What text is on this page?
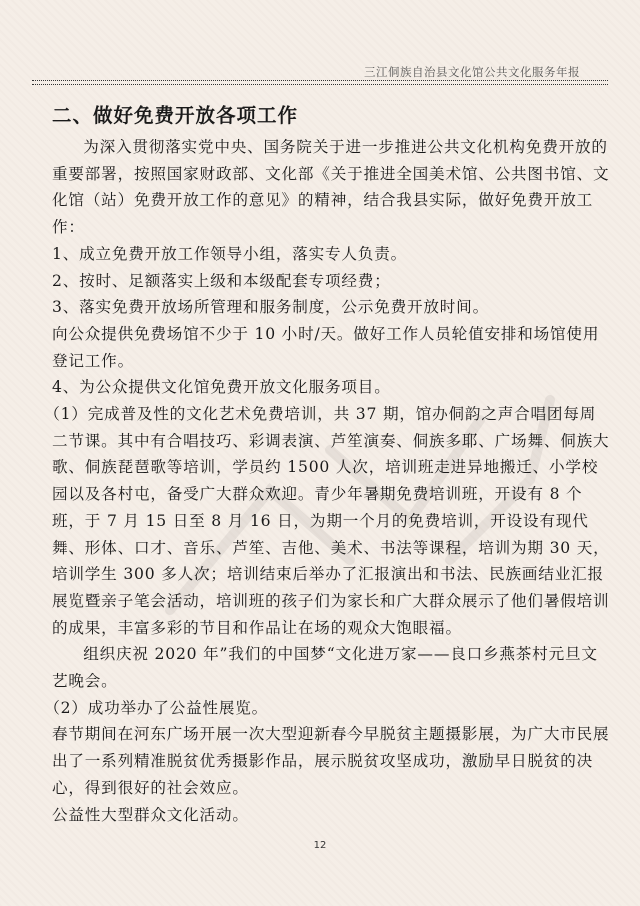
三江侗族自治县文化馆公共文化服务年报
二、做好免费开放各项工作

为深入贯彻落实党中央、国务院关于进一步推进公共文化机构免费开放的重要部署，按照国家财政部、文化部《关于推进全国美术馆、公共图书馆、文化馆（站）免费开放工作的意见》的精神，结合我县实际，做好免费开放工作：

1、成立免费开放工作领导小组，落实专人负责。

2、按时、足额落实上级和本级配套专项经费；

3、落实免费开放场所管理和服务制度，公示免费开放时间。

向公众提供免费场馆不少于 10 小时/天。做好工作人员轮值安排和场馆使用登记工作。

4、为公众提供文化馆免费开放文化服务项目。

（1）完成普及性的文化艺术免费培训，共 37 期，馆办侗韵之声合唱团每周二节课。其中有合唱技巧、彩调表演、芦笙演奏、侗族多耶、广场舞、侗族大歌、侗族琵琶歌等培训，学员约 1500 人次，培训班走进异地搬迁、小学校园以及各村屯，备受广大群众欢迎。青少年暑期免费培训班，开设有 8 个班，于 7 月 15 日至 8 月 16 日，为期一个月的免费培训，开设设有现代舞、形体、口才、音乐、芦笙、吉他、美术、书法等课程，培训为期 30 天，培训学生 300 多人次；培训结束后举办了汇报演出和书法、民族画结业汇报展览暨亲子笔会活动，培训班的孩子们为家长和广大群众展示了他们暑假培训的成果，丰富多彩的节目和作品让在场的观众大饱眼福。

组织庆祝 2020 年”我们的中国梦“文化进万家——良口乡燕茶村元旦文艺晚会。

（2）成功举办了公益性展览。

春节期间在河东广场开展一次大型迎新春今早脱贫主题摄影展，为广大市民展出了一系列精准脱贫优秀摄影作品，展示脱贫攻坚成功，激励早日脱贫的决心，得到很好的社会效应。

公益性大型群众文化活动。

12
